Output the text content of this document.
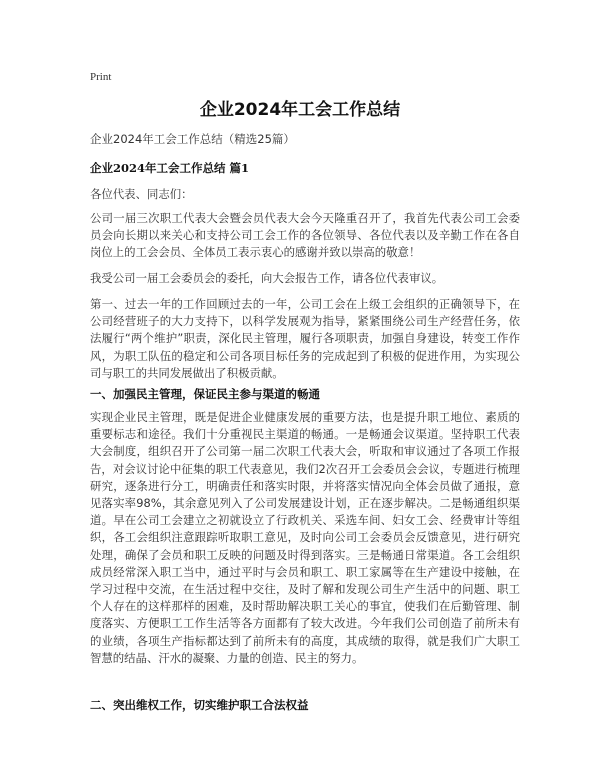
Print
企业2024年工会工作总结

企业2024年工会工作总结（精选25篇）

企业2024年工会工作总结 篇1

各位代表、同志们：

公司一届三次职工代表大会暨会员代表大会今天隆重召开了，我首先代表公司工会委员会向长期以来关心和支持公司工会工作的各位领导、各位代表以及辛勤工作在各自岗位上的工会会员、全体员工表示衷心的感谢并致以崇高的敬意！

我受公司一届工会委员会的委托，向大会报告工作，请各位代表审议。

第一、过去一年的工作回顾过去的一年，公司工会在上级工会组织的正确领导下，在公司经营班子的大力支持下，以科学发展观为指导，紧紧围绕公司生产经营任务，依法履行“两个维护”职责，深化民主管理，履行各项职责，加强自身建设，转变工作作风，为职工队伍的稳定和公司各项目标任务的完成起到了积极的促进作用，为实现公司与职工的共同发展做出了积极贡献。

一、加强民主管理，保证民主参与渠道的畅通

实现企业民主管理，既是促进企业健康发展的重要方法，也是提升职工地位、素质的重要标志和途径。我们十分重视民主渠道的畅通。一是畅通会议渠道。坚持职工代表大会制度，组织召开了公司第一届二次职工代表大会，听取和审议通过了各项工作报告，对会议讨论中征集的职工代表意见，我们2次召开工会委员会会议，专题进行梳理研究，逐条进行分工，明确责任和落实时限，并将落实情况向全体会员做了通报，意见落实率98%，其余意见列入了公司发展建设计划，正在逐步解决。二是畅通组织渠道。早在公司工会建立之初就设立了行政机关、采选车间、妇女工会、经费审计等组织，各工会组织注意跟踪听取职工意见，及时向公司工会委员会反馈意见，进行研究处理，确保了会员和职工反映的问题及时得到落实。三是畅通日常渠道。各工会组织成员经常深入职工当中，通过平时与会员和职工、职工家属等在生产建设中接触，在学习过程中交流，在生活过程中交往，及时了解和发现公司生产生活中的问题、职工个人存在的这样那样的困难，及时帮助解决职工关心的事宜，使我们在后勤管理、制度落实、方便职工工作生活等各方面都有了较大改进。今年我们公司创造了前所未有的业绩，各项生产指标都达到了前所未有的高度，其成绩的取得，就是我们广大职工智慧的结晶、汗水的凝聚、力量的创造、民主的努力。

二、突出维权工作，切实维护职工合法权益
